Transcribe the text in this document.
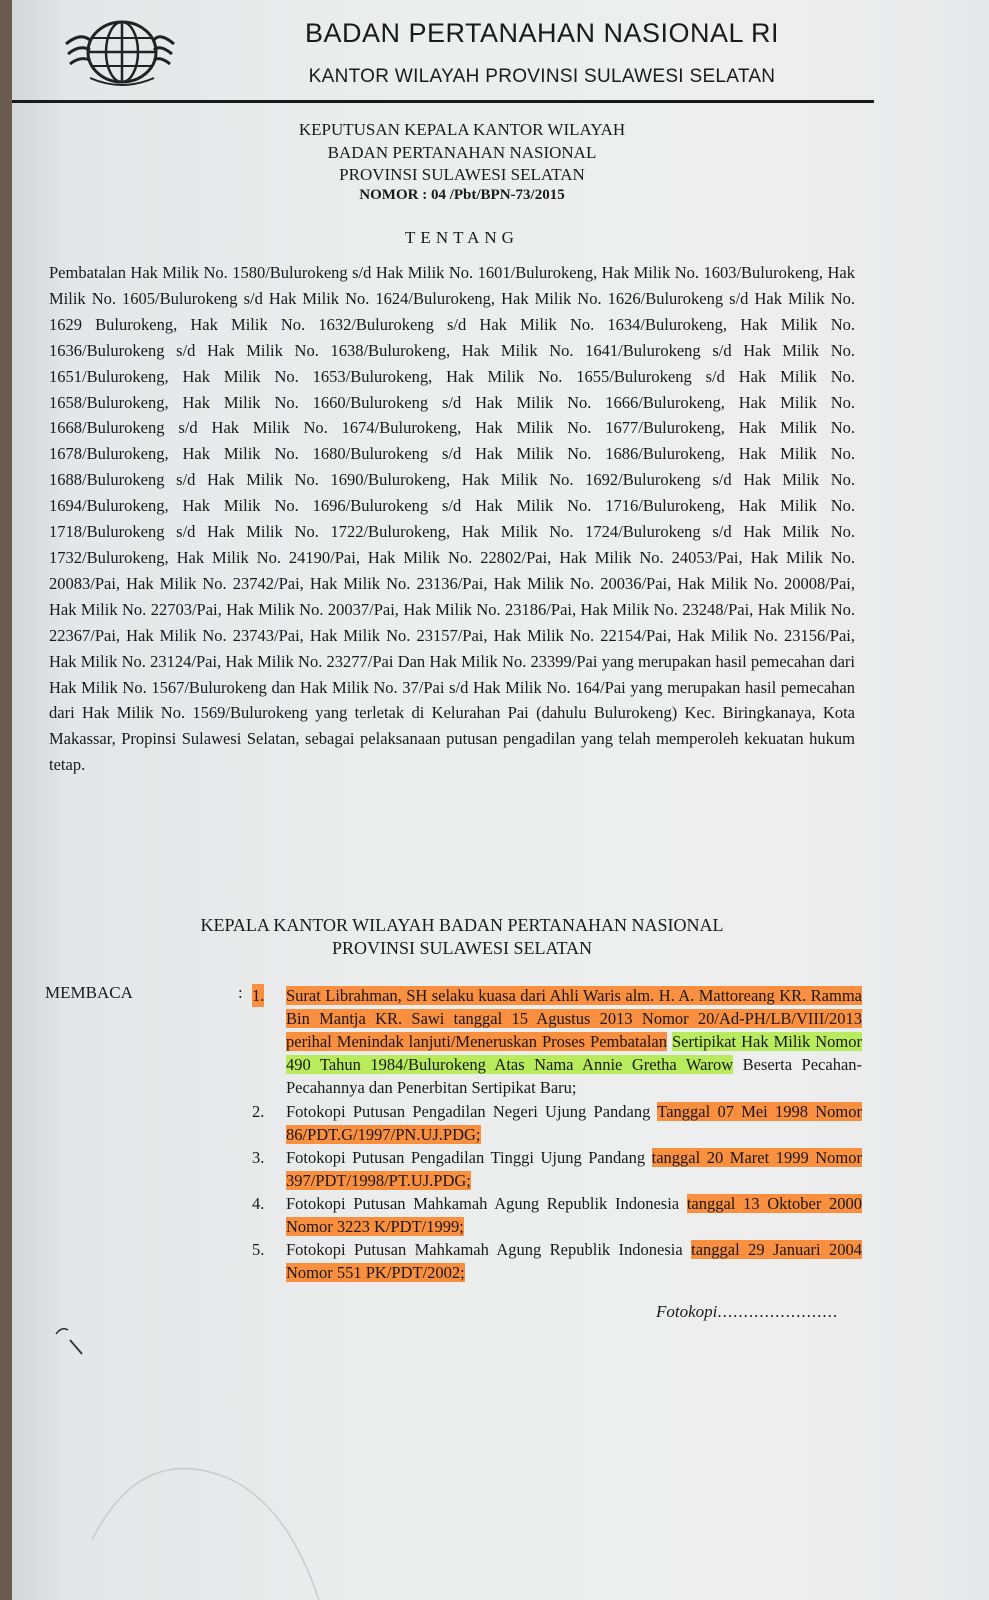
BADAN PERTANAHAN NASIONAL RI
KANTOR WILAYAH PROVINSI SULAWESI SELATAN
KEPUTUSAN KEPALA KANTOR WILAYAH
BADAN PERTANAHAN NASIONAL
PROVINSI SULAWESI SELATAN
NOMOR : 04 /Pbt/BPN-73/2015
TENTANG
Pembatalan Hak Milik No. 1580/Bulurokeng s/d Hak Milik No. 1601/Bulurokeng, Hak Milik No. 1603/Bulurokeng, Hak Milik No. 1605/Bulurokeng s/d Hak Milik No. 1624/Bulurokeng, Hak Milik No. 1626/Bulurokeng s/d Hak Milik No. 1629 Bulurokeng, Hak Milik No. 1632/Bulurokeng s/d Hak Milik No. 1634/Bulurokeng, Hak Milik No. 1636/Bulurokeng s/d Hak Milik No. 1638/Bulurokeng, Hak Milik No. 1641/Bulurokeng s/d Hak Milik No. 1651/Bulurokeng, Hak Milik No. 1653/Bulurokeng, Hak Milik No. 1655/Bulurokeng s/d Hak Milik No. 1658/Bulurokeng, Hak Milik No. 1660/Bulurokeng s/d Hak Milik No. 1666/Bulurokeng, Hak Milik No. 1668/Bulurokeng s/d Hak Milik No. 1674/Bulurokeng, Hak Milik No. 1677/Bulurokeng, Hak Milik No. 1678/Bulurokeng, Hak Milik No. 1680/Bulurokeng s/d Hak Milik No. 1686/Bulurokeng, Hak Milik No. 1688/Bulurokeng s/d Hak Milik No. 1690/Bulurokeng, Hak Milik No. 1692/Bulurokeng s/d Hak Milik No. 1694/Bulurokeng, Hak Milik No. 1696/Bulurokeng s/d Hak Milik No. 1716/Bulurokeng, Hak Milik No. 1718/Bulurokeng s/d Hak Milik No. 1722/Bulurokeng, Hak Milik No. 1724/Bulurokeng s/d Hak Milik No. 1732/Bulurokeng, Hak Milik No. 24190/Pai, Hak Milik No. 22802/Pai, Hak Milik No. 24053/Pai, Hak Milik No. 20083/Pai, Hak Milik No. 23742/Pai, Hak Milik No. 23136/Pai, Hak Milik No. 20036/Pai, Hak Milik No. 20008/Pai, Hak Milik No. 22703/Pai, Hak Milik No. 20037/Pai, Hak Milik No. 23186/Pai, Hak Milik No. 23248/Pai, Hak Milik No. 22367/Pai, Hak Milik No. 23743/Pai, Hak Milik No. 23157/Pai, Hak Milik No. 22154/Pai, Hak Milik No. 23156/Pai, Hak Milik No. 23124/Pai, Hak Milik No. 23277/Pai Dan Hak Milik No. 23399/Pai yang merupakan hasil pemecahan dari Hak Milik No. 1567/Bulurokeng dan Hak Milik No. 37/Pai s/d Hak Milik No. 164/Pai yang merupakan hasil pemecahan dari Hak Milik No. 1569/Bulurokeng yang terletak di Kelurahan Pai (dahulu Bulurokeng) Kec. Biringkanaya, Kota Makassar, Propinsi Sulawesi Selatan, sebagai pelaksanaan putusan pengadilan yang telah memperoleh kekuatan hukum tetap.
KEPALA KANTOR WILAYAH BADAN PERTANAHAN NASIONAL
PROVINSI SULAWESI SELATAN
MEMBACA	: 1. Surat Librahman, SH selaku kuasa dari Ahli Waris alm. H. A. Mattoreang KR. Ramma Bin Mantja KR. Sawi tanggal 15 Agustus 2013 Nomor 20/Ad-PH/LB/VIII/2013 perihal Menindak lanjuti/Meneruskan Proses Pembatalan Sertipikat Hak Milik Nomor 490 Tahun 1984/Bulurokeng Atas Nama Annie Gretha Warow Beserta Pecahan-Pecahannya dan Penerbitan Sertipikat Baru;
2. Fotokopi Putusan Pengadilan Negeri Ujung Pandang Tanggal 07 Mei 1998 Nomor 86/PDT.G/1997/PN.UJ.PDG;
3. Fotokopi Putusan Pengadilan Tinggi Ujung Pandang tanggal 20 Maret 1999 Nomor 397/PDT/1998/PT.UJ.PDG;
4. Fotokopi Putusan Mahkamah Agung Republik Indonesia tanggal 13 Oktober 2000 Nomor 3223 K/PDT/1999;
5. Fotokopi Putusan Mahkamah Agung Republik Indonesia tanggal 29 Januari 2004 Nomor 551 PK/PDT/2002;
Fotokopi.......................
